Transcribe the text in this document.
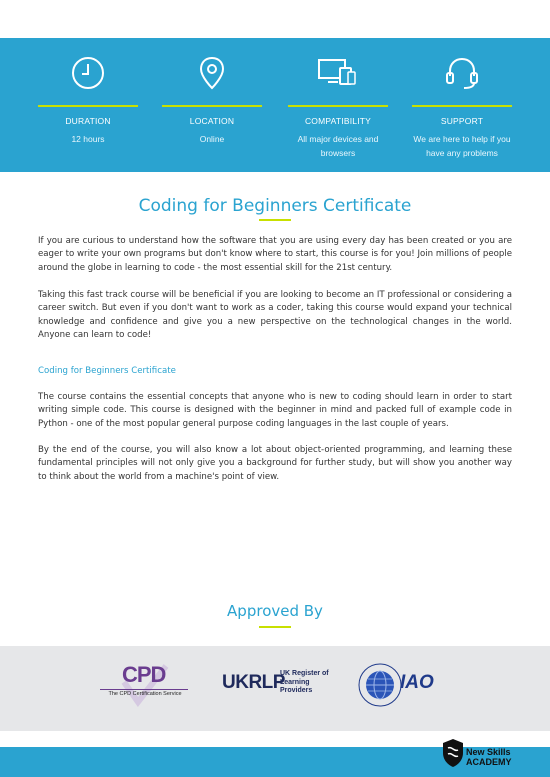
DURATION
12 hours
LOCATION
Online
COMPATIBILITY
All major devices and browsers
SUPPORT
We are here to help if you have any problems
Coding for Beginners Certificate
If you are curious to understand how the software that you are using every day has been created or you are eager to write your own programs but don't know where to start, this course is for you! Join millions of people around the globe in learning to code - the most essential skill for the 21st century.
Taking this fast track course will be beneficial if you are looking to become an IT professional or considering a career switch. But even if you don't want to work as a coder, taking this course would expand your technical knowledge and confidence and give you a new perspective on the technological changes in the world. Anyone can learn to code!
Coding for Beginners Certificate
The course contains the essential concepts that anyone who is new to coding should learn in order to start writing simple code. This course is designed with the beginner in mind and packed full of example code in Python - one of the most popular general purpose coding languages in the last couple of years.
By the end of the course, you will also know a lot about object-oriented programming, and learning these fundamental principles will not only give you a background for further study, but will show you another way to think about the world from a machine's point of view.
Approved By
CPD
The CPD Certification Service
UKRLP
UK Register of Learning Providers	IAO
New Skills
ACADEMY
